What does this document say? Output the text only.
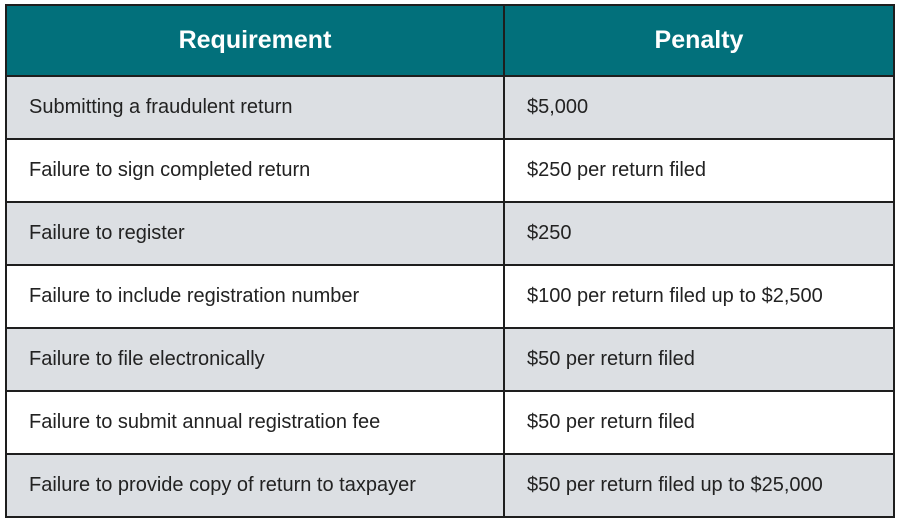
Requirement	Penalty
Submitting a fraudulent return	$5,000
Failure to sign completed return	$250 per return filed
Failure to register	$250
Failure to include registration number	$100 per return filed up to $2,500
Failure to file electronically	$50 per return filed
Failure to submit annual registration fee	$50 per return filed
Failure to provide copy of return to taxpayer	$50 per return filed up to $25,000
